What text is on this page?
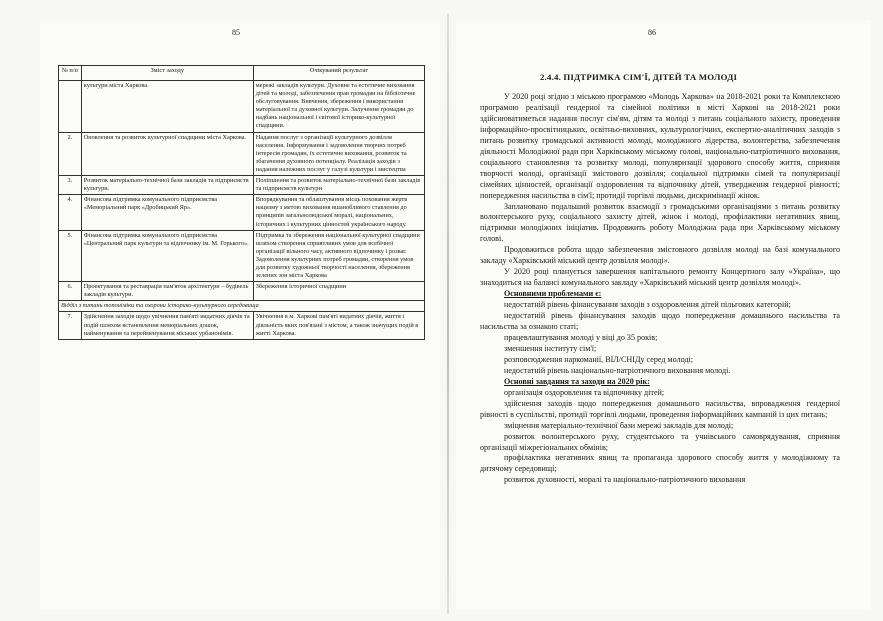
85	86
№ п/п	Зміст заходу	Очікуваний результат
	культури міста Харкова.	мережі закладів культури. Духовне та естетичне виховання дітей та молоді, забезпечення прав громадян на бібліотечне обслуговування. Вивчення, збереження і використання матеріальної та духовної культури. Залучення громадян до надбань національної і світової історико-культурної спадщини.
2.	Оновлення та розвиток культурної спадщини міста Харкова.	Надання послуг з організації культурного дозвілля населення. Інформування і задоволення творчих потреб інтересів громадян, їх естетичне виховання, розвиток та збагачення духовного потенціалу. Реалізація заходів з надання належних послуг у галузі культури і мистецтва
3.	Розвиток матеріально-технічної бази закладів та підприємств культури.	Поліпшення та розвиток матеріально-технічної бази закладів та підприємств культури
4.	Фінансова підтримка комунального підприємства «Меморіальний парк «Дробицький Яр».	Впорядкування та облаштування місць поховання жертв нацизму з метою виховання вшанобливого ставлення до принципів загальнолюдської моралі, національних, історичних і культурних цінностей українського народу.
5.	Фінансова підтримка комунального підприємства «Центральний парк культури та відпочинку ім. М. Горького».	Підтримка та збереження національної культурної спадщини шляхом створення сприятливих умов для всебічної організації вільного часу, активного відпочинку і розваг. Задоволення культурних потреб громадян, створення умов для розвитку художньої творчості населення, збереження зелених зон міста Харкова
6.	Проектування та реставрація пам'яток архітектури – будівель закладів культури.	Збереження історичної спадщини
Відділ з питань топоніміки та охорони історико-культурного середовища		
7.	Здійснення заходів щодо увічнення пам'яті видатних діячів та подій шляхом встановлення меморіальних дошок, найменування та перейменування міських урбанонімів.	Увічнення в м. Харкові пам'яті видатних діячів, життя і діяльність яких пов'язані з містом, а також значущих подій в житті Харкова.
2.4.4. ПІДТРИМКА СІМ'Ї, ДІТЕЙ ТА МОЛОДІ

У 2020 році згідно з міською програмою «Молодь Харкова» на 2018-2021 роки та Комплексною програмою реалізації гендерної та сімейної політики в місті Харкові на 2018-2021 роки здійснюватиметься надання послуг сім'ям, дітям та молоді з питань соціального захисту, проведення інформаційно-просвітницьких, освітньо-виховних, культурологічних, експертно-аналітичних заходів з питань розвитку громадської активності молоді, молодіжного лідерства, волонтерства, забезпечення діяльності Молодіжної ради при Харківському міському голові, національно-патріотичного виховання, соціального становлення та розвитку молоді, популяризації здорового способу життя, сприяння творчості молоді, організації змістового дозвілля; соціальної підтримки сімей та популяризації сімейних цінностей, організації оздоровлення та відпочинку дітей, утвердження гендерної рівності; попередження насильства в сім'ї; протидії торгівлі людьми, дискримінації жінок.

Заплановано подальший розвиток взаємодії з громадськими організаціями з питань розвитку волонтерського руху, соціального захисту дітей, жінок і молоді, профілактики негативних явищ, підтримки молодіжних ініціатив. Продовжить роботу Молодіжна рада при Харківському міському голові.

Продовжиться робота щодо забезпечення змістовного дозвілля молоді на базі комунального закладу «Харківський міський центр дозвілля молоді».

У 2020 році планується завершення капітального ремонту Концертного залу «Україна», що знаходиться на балансі комунального закладу «Харківський міський центр дозвілля молоді».

Основними проблемами є:

недостатній рівень фінансування заходів з оздоровлення дітей пільгових категорій;

недостатній рівень фінансування заходів щодо попередження домашнього насильства та насильства за ознакою статі;

працевлаштування молоді у віці до 35 років;

зменшення інституту сім'ї;

розповсюдження наркоманії, ВІЛ/СНІДу серед молоді;

недостатній рівень національно-патріотичного виховання молоді.

Основні завдання та заходи на 2020 рік:

організація оздоровлення та відпочинку дітей;

здійснення заходів щодо попередження домашнього насильства, впровадження гендерної рівності в суспільстві, протидії торгівлі людьми, проведення інформаційних кампаній із цих питань;

зміцнення матеріально-технічної бази мережі закладів для молоді;

розвиток волонтерського руху, студентського та учнівського самоврядування, сприяння організації міжрегіональних обмінів;

профілактика негативних явищ та пропаганда здорового способу життя у молодіжному та дитячому середовищі;

розвиток духовності, моралі та національно-патріотичного виховання
